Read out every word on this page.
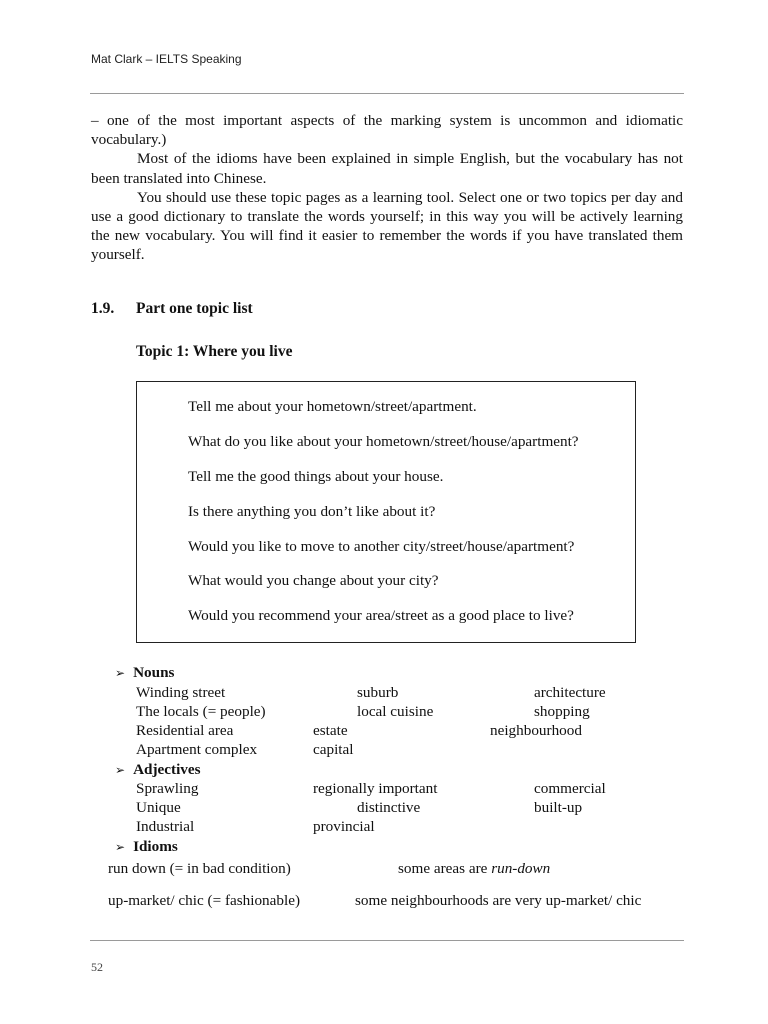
Mat Clark – IELTS Speaking

– one of the most important aspects of the marking system is uncommon and idiomatic vocabulary.)

Most of the idioms have been explained in simple English, but the vocabulary has not been translated into Chinese.

You should use these topic pages as a learning tool. Select one or two topics per day and use a good dictionary to translate the words yourself; in this way you will be actively learning the new vocabulary. You will find it easier to remember the words if you have translated them yourself.

1.9. Part one topic list
Topic 1: Where you live
Tell me about your hometown/street/apartment.
What do you like about your hometown/street/house/apartment?
Tell me the good things about your house.
Is there anything you don’t like about it?
Would you like to move to another city/street/house/apartment?
What would you change about your city?
Would you recommend your area/street as a good place to live?
➢ Nouns
Winding street	suburb	architecture
The locals (= people)	local cuisine	shopping
Residential area	estate	neighbourhood
Apartment complex	capital
➢ Adjectives
Sprawling	regionally important	commercial
Unique	distinctive	built-up
Industrial	provincial
➢ Idioms
run down (= in bad condition)	some areas are run-down
up-market/ chic (= fashionable)	some neighbourhoods are very up-market/ chic
52
